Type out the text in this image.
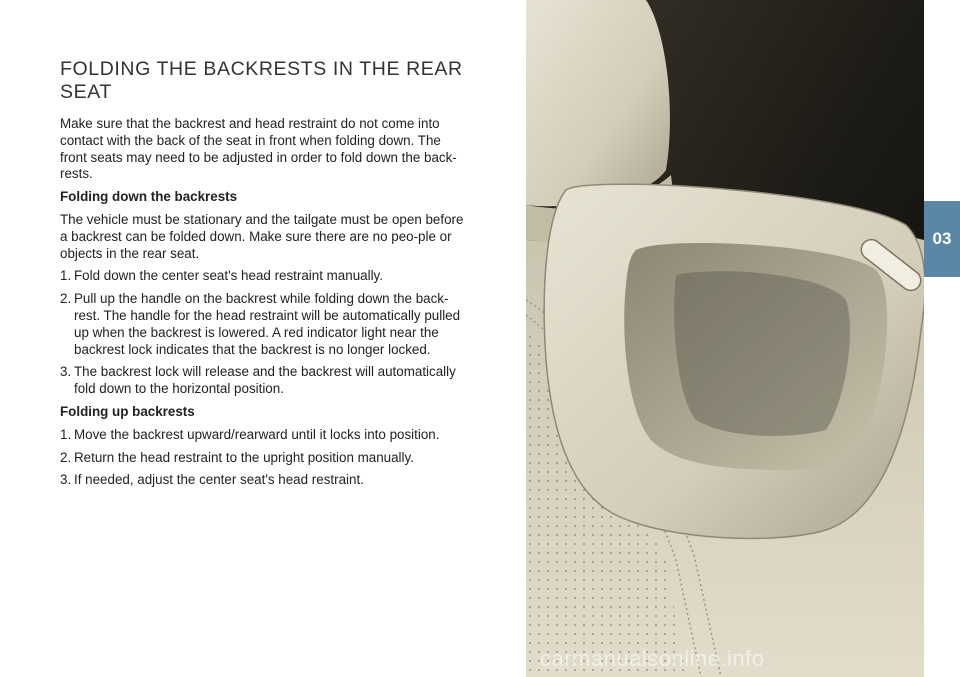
FOLDING THE BACKRESTS IN THE REAR SEAT

Make sure that the backrest and head restraint do not come into contact with the back of the seat in front when folding down. The front seats may need to be adjusted in order to fold down the back-rests.

Folding down the backrests

The vehicle must be stationary and the tailgate must be open before a backrest can be folded down. Make sure there are no peo-ple or objects in the rear seat.

1. Fold down the center seat's head restraint manually.
2. Pull up the handle on the backrest while folding down the back-rest. The handle for the head restraint will be automatically pulled up when the backrest is lowered. A red indicator light near the backrest lock indicates that the backrest is no longer locked.
3. The backrest lock will release and the backrest will automatically fold down to the horizontal position.
Folding up backrests
1. Move the backrest upward/rearward until it locks into position.
2. Return the head restraint to the upright position manually.
3. If needed, adjust the center seat's head restraint.
03
carmanualsonline.info
